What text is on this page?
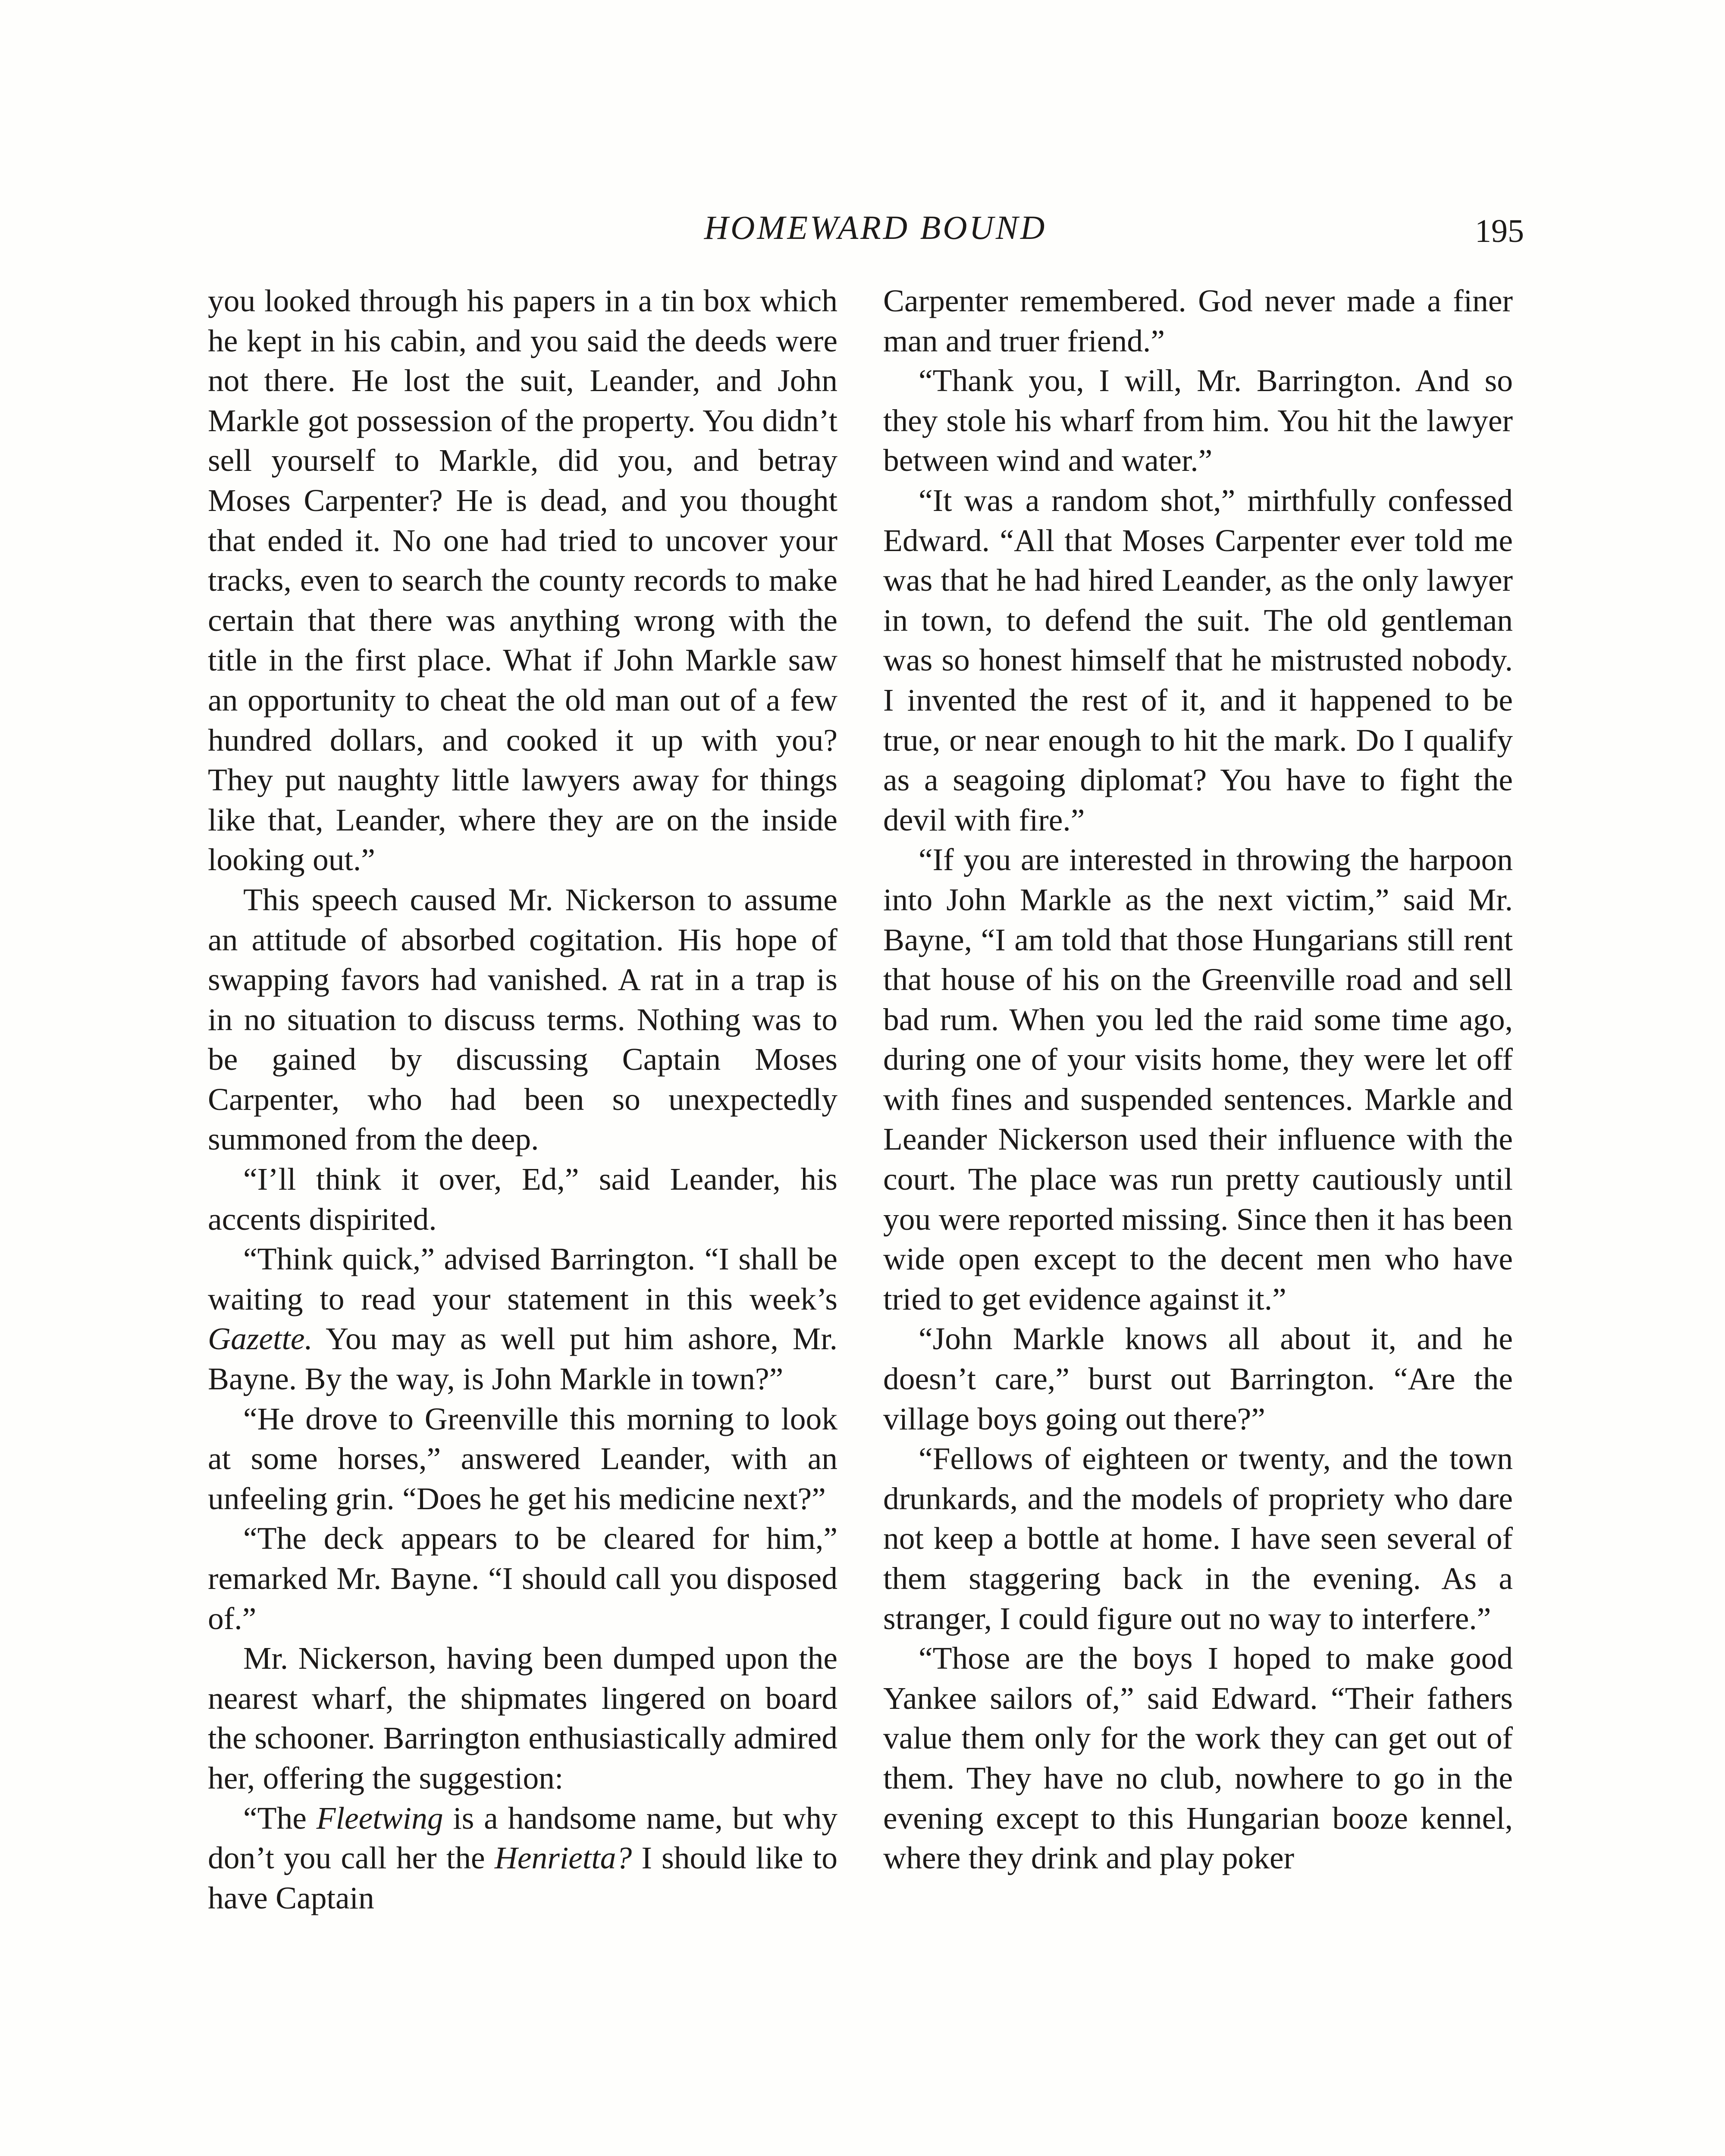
HOMEWARD BOUND	195

you looked through his papers in a tin box which he kept in his cabin, and you said the deeds were not there. He lost the suit, Leander, and John Markle got possession of the property. You didn’t sell yourself to Markle, did you, and betray Moses Carpenter? He is dead, and you thought that ended it. No one had tried to uncover your tracks, even to search the county records to make certain that there was anything wrong with the title in the first place. What if John Markle saw an opportunity to cheat the old man out of a few hundred dollars, and cooked it up with you? They put naughty little lawyers away for things like that, Leander, where they are on the inside looking out.”

This speech caused Mr. Nickerson to assume an attitude of absorbed cogitation. His hope of swapping favors had vanished. A rat in a trap is in no situation to discuss terms. Nothing was to be gained by discussing Captain Moses Carpenter, who had been so unexpectedly summoned from the deep.

“I’ll think it over, Ed,” said Leander, his accents dispirited.

“Think quick,” advised Barrington. “I shall be waiting to read your statement in this week’s Gazette. You may as well put him ashore, Mr. Bayne. By the way, is John Markle in town?”

“He drove to Greenville this morning to look at some horses,” answered Leander, with an unfeeling grin. “Does he get his medicine next?”

“The deck appears to be cleared for him,” remarked Mr. Bayne. “I should call you disposed of.”

Mr. Nickerson, having been dumped upon the nearest wharf, the shipmates lingered on board the schooner. Barrington enthusiastically admired her, offering the suggestion:

“The Fleetwing is a handsome name, but why don’t you call her the Henrietta? I should like to have Captain

Carpenter remembered. God never made a finer man and truer friend.”

“Thank you, I will, Mr. Barrington. And so they stole his wharf from him. You hit the lawyer between wind and water.”

“It was a random shot,” mirthfully confessed Edward. “All that Moses Carpenter ever told me was that he had hired Leander, as the only lawyer in town, to defend the suit. The old gentleman was so honest himself that he mistrusted nobody. I invented the rest of it, and it happened to be true, or near enough to hit the mark. Do I qualify as a seagoing diplomat? You have to fight the devil with fire.”

“If you are interested in throwing the harpoon into John Markle as the next victim,” said Mr. Bayne, “I am told that those Hungarians still rent that house of his on the Greenville road and sell bad rum. When you led the raid some time ago, during one of your visits home, they were let off with fines and suspended sentences. Markle and Leander Nickerson used their influence with the court. The place was run pretty cautiously until you were reported missing. Since then it has been wide open except to the decent men who have tried to get evidence against it.”

“John Markle knows all about it, and he doesn’t care,” burst out Barrington. “Are the village boys going out there?”

“Fellows of eighteen or twenty, and the town drunkards, and the models of propriety who dare not keep a bottle at home. I have seen several of them staggering back in the evening. As a stranger, I could figure out no way to interfere.”

“Those are the boys I hoped to make good Yankee sailors of,” said Edward. “Their fathers value them only for the work they can get out of them. They have no club, nowhere to go in the evening except to this Hungarian booze kennel, where they drink and play poker
